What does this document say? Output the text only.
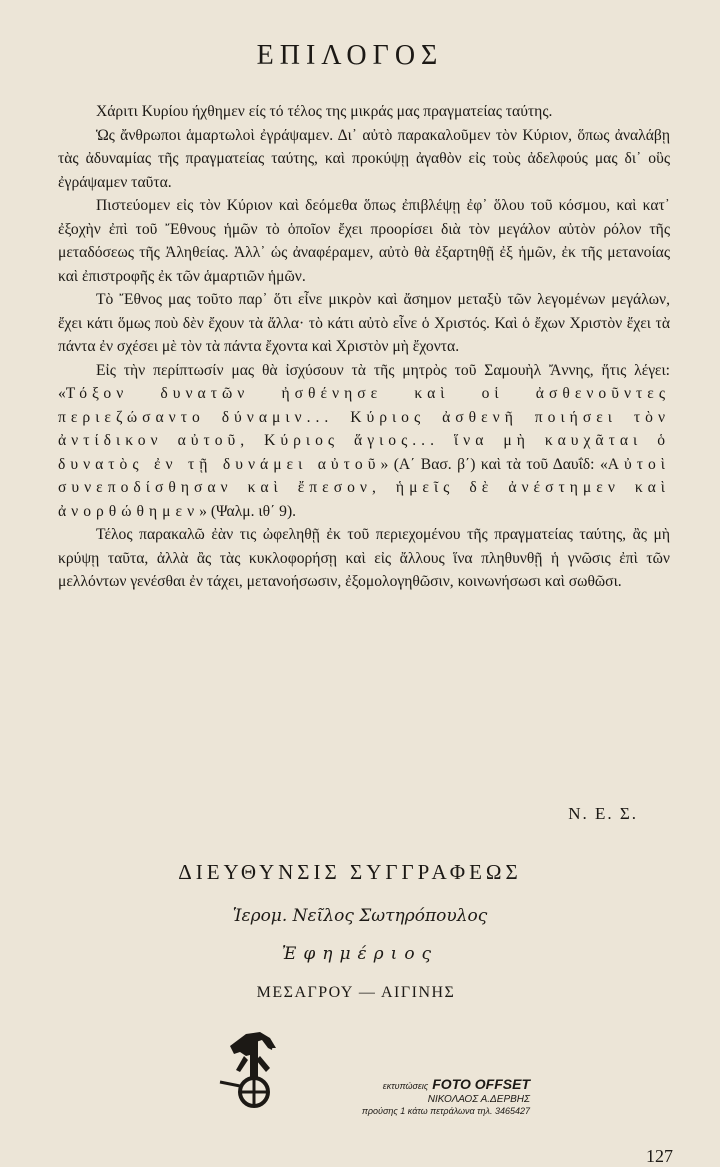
ΕΠΙΛΟΓΟΣ

Χάριτι Κυρίου ήχθημεν είς τό τέλος της μικράς μας πραγματείας ταύτης.

Ὡς ἄνθρωποι ἁμαρτωλοὶ ἐγράψαμεν. Δι᾽ αὐτὸ παρακαλοῦμεν τὸν Κύριον, ὅπως ἀναλάβῃ τὰς ἀδυναμίας τῆς πραγματείας ταύτης, καὶ προκύψῃ ἀγαθὸν εἰς τοὺς ἀδελφούς μας δι᾽ οὓς ἐγράψαμεν ταῦτα.

Πιστεύομεν εἰς τὸν Κύριον καὶ δεόμεθα ὅπως ἐπιβλέψῃ ἐφ᾽ ὅλου τοῦ κόσμου, καὶ κατ᾽ ἐξοχὴν ἐπὶ τοῦ Ἔθνους ἡμῶν τὸ ὁποῖον ἔχει προορίσει διὰ τὸν μεγάλον αὐτὸν ρόλον τῆς μεταδόσεως τῆς Ἀληθείας. Ἀλλ᾽ ὡς ἀναφέραμεν, αὐτὸ θὰ ἐξαρτηθῇ ἐξ ἡμῶν, ἐκ τῆς μετανοίας καὶ ἐπιστροφῆς ἐκ τῶν ἁμαρτιῶν ἡμῶν.

Τὸ Ἔθνος μας τοῦτο παρ᾽ ὅτι εἶνε μικρὸν καὶ ἄσημον μεταξὺ τῶν λεγομένων μεγάλων, ἔχει κάτι ὅμως ποὺ δὲν ἔχουν τὰ ἄλλα· τὸ κάτι αὐτὸ εἶνε ὁ Χριστός. Καὶ ὁ ἔχων Χριστὸν ἔχει τὰ πάντα ἐν σχέσει μὲ τὸν τὰ πάντα ἔχοντα καὶ Χριστὸν μὴ ἔχοντα.

Εἰς τὴν περίπτωσίν μας θὰ ἰσχύσουν τὰ τῆς μητρὸς τοῦ Σαμουὴλ Ἄννης, ἥτις λέγει: «Τόξον δυνατῶν ἠσθένησε καὶ οἱ ἀσθενοῦντες περιεζώσαντο δύναμιν... Κύριος ἀσθενῆ ποιήσει τὸν ἀντίδικον αὐτοῦ, Κύριος ἅγιος... ἵνα μὴ καυχᾶται ὁ δυνατὸς ἐν τῇ δυνάμει αὐτοῦ» (Α΄ Βασ. β΄) καὶ τὰ τοῦ Δαυΐδ: «Αὐτοὶ συνεποδίσθησαν καὶ ἔπεσον, ἡμεῖς δὲ ἀνέστημεν καὶ ἀνορθώθημεν» (Ψαλμ. ιθ΄ 9).

Τέλος παρακαλῶ ἐὰν τις ὠφεληθῇ ἐκ τοῦ περιεχομένου τῆς πραγματείας ταύτης, ἂς μὴ κρύψῃ ταῦτα, ἀλλὰ ἂς τὰς κυκλοφορήσῃ καὶ εἰς ἄλλους ἵνα πληθυνθῇ ἡ γνῶσις ἐπὶ τῶν μελλόντων γενέσθαι ἐν τάχει, μετανοήσωσιν, ἐξομολογηθῶσιν, κοινωνήσωσι καὶ σωθῶσι.

Ν. Ε. Σ.
ΔΙΕΥΘΥΝΣΙΣ ΣΥΓΓΡΑΦΕΩΣ
Ἱερομ. Νεῖλος Σωτηρόπουλος
Ἐφημέριος
ΜΕΣΑΓΡΟΥ — ΑΙΓΙΝΗΣ
εκτυπώσεις FOTO OFFSET
ΝΙΚΟΛΑΟΣ Α.ΔΕΡΒΗΣ
προύσης 1 κάτω πετράλωνα τηλ. 3465427
127
